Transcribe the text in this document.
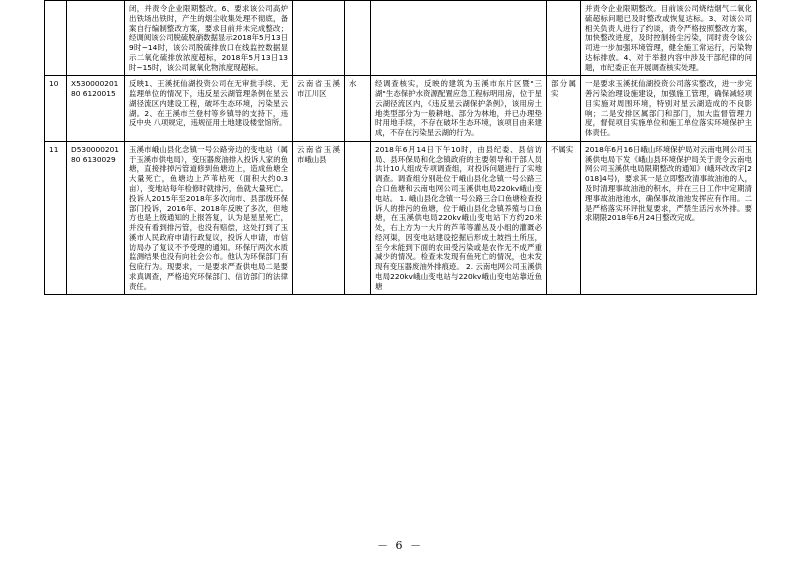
		闭，并责令企业限期整改。6、要求该公司高炉出铁场出铁时，产生的烟尘收集处理不彻底，备案自行编制整改方案，要求目前并未完成整改；经调阅该公司脱硫脱硝数据显示2018年5月13日9时~14时，该公司脱硫排放口在线监控数据显示二氧化硫排放浓度超标，2018年5月13日13时~15时，该公司氮氧化物浓度现超标。					并责令企业限期整改。目前该公司烧结烟气二氧化硫超标问题已及时整改或恢复达标。3、对该公司相关负责人进行了约谈，责令严格按照整改方案，加快整改进度，及时控制扬尘污染，同时责令该公司进一步加强环境管理，健全施工常运行，污染物达标排放。4、对于举报内容中涉及干部纪律的问题，市纪委正在开展调查核实处理。
10	X53000020180 6120015	反映1、王溪抚仙湖投资公司在无审批手续、无监理单位的情况下，违反星云湖管理条例在星云湖径流区内建设工程，破坏生态环境，污染星云湖。2、在王溪市兰登村等乡镇导的支持下，违反中央 八项规定，违规征用土地建设楼堂馆所。	云南省玉溪市江川区	水	经调查核实，反映的建筑为玉溪市东片区暨"三湖"生态保护水资源配置应急工程标明用房，位于星云湖径流区内，《违反星云湖保护条例》，该用房土地类型部分为一般耕地、部分为林地，并已办理垫时用地手续，不存在破坏生态环境，该项目由来建成，不存在污染星云湖的行为。	部分属实	一是要求玉溪抚仙湖投资公司落实整改，进一步完善污染治理设施建设，加强施工管理，确保减轻项目实施对周围环境，特别对星云湖造成的不良影响；二是安排区属部门和部门，加大监督管理力度，督促项目实施单位和施工单位落实环境保护主体责任。
11	D53000020180 6130029	玉溪市峨山县化念镇一号公路旁边的变电站（属于玉溪市供电局），变压器废油排入投诉人家的鱼塘，直接排掉污管道修到鱼塘边上，造成鱼塘全大量死亡，鱼塘边上芦苇枯死（面积大约0.3亩），变地站每年检修时就排污，鱼就大量死亡。投诉人2015年至2018年多次向市、县部级环保部门投诉，2016年、2018年反映了多次，但地方也是上级通知的上报答复，认为是星星死亡，并没有看到排污管，也没有赔偿，这处打到了玉溪市人民政府申请行政复议，投诉人申请，市信访局办了复议不予受理的通知。环保厅两次水质监测结果也没有向社会公布。他认为环保部门有包庇行为。现要求，一是要求严查供电局二是要求真调查，严格追究环保部门、信访部门的法律责任。	云南省玉溪市峨山县		2018年6月14日下午10时，由县纪委、县信访局、县环保局和化念镇政府的主要领导和干部人员共计10人组成专项调查组，对投诉问题进行了实地调查。调查组分别赴位于峨山县化念镇一号公路三合口鱼塘和云南电网公司玉溪供电局220kv峨山变电站。 1. 峨山县化念镇一号公路三合口鱼塘检查投诉人的排污的鱼塘，位于峨山县化念镇养殖与口鱼塘，在玉溪供电局220kv峨山变电站下方约20米处，右上方为一大片的芦苇等灌丛及小组的灌溉必经河渠，因变电站建设挖掘后形成土坡挡土所压，至今未能到下面的农田受污染或是农作无不成严重减少的情况。检查未发现有鱼死亡的情况，也未发现有变压器废油外排痕迹。 2. 云南电网公司玉溪供电局220kv峨山变电站与220kv峨山变电站靠近鱼塘	不属实	2018年6月16日峨山环境保护局对云南电网公司玉溪供电局下发《峨山县环境保护局关于责令云南电网公司玉溪供电局限期整改的通知》(峨环改改字[2018]4号)，要求其一是立即整改清事故油池的人，及时清理事故油池的积水，并在三日工作中定期清理事故油池池水，确保事故油池发挥应有作用。二是严格落实环评批复要求，严禁生活污水外排。要求期限2018年6月24日整改完成。
－ 6 －
